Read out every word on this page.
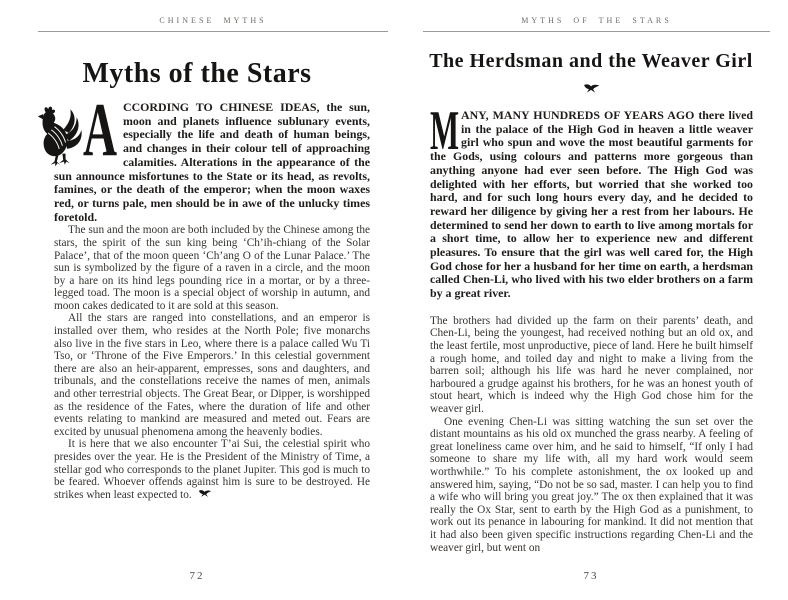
CHINESE MYTHS
Myths of the Stars

A CCORDING TO CHINESE IDEAS, the sun, moon and planets influence sublunary events, especially the life and death of human beings, and changes in their colour tell of approaching calamities. Alterations in the appearance of the sun announce misfortunes to the State or its head, as revolts, famines, or the death of the emperor; when the moon waxes red, or turns pale, men should be in awe of the unlucky times foretold.

The sun and the moon are both included by the Chinese among the stars, the spirit of the sun king being ‘Ch’ih-chiang of the Solar Palace’, that of the moon queen ‘Ch’ang O of the Lunar Palace.’ The sun is symbolized by the figure of a raven in a circle, and the moon by a hare on its hind legs pounding rice in a mortar, or by a three-legged toad. The moon is a special object of worship in autumn, and moon cakes dedicated to it are sold at this season.

All the stars are ranged into constellations, and an emperor is installed over them, who resides at the North Pole; five monarchs also live in the five stars in Leo, where there is a palace called Wu Ti Tso, or ‘Throne of the Five Emperors.’ In this celestial government there are also an heir-apparent, empresses, sons and daughters, and tribunals, and the constellations receive the names of men, animals and other terrestrial objects. The Great Bear, or Dipper, is worshipped as the residence of the Fates, where the duration of life and other events relating to mankind are measured and meted out. Fears are excited by unusual phenomena among the heavenly bodies.

It is here that we also encounter T’ai Sui, the celestial spirit who presides over the year. He is the President of the Ministry of Time, a stellar god who corresponds to the planet Jupiter. This god is much to be feared. Whoever offends against him is sure to be destroyed. He strikes when least expected to.

72
MYTHS OF THE STARS
The Herdsman and the Weaver Girl

M ANY, MANY HUNDREDS OF YEARS AGO there lived in the palace of the High God in heaven a little weaver girl who spun and wove the most beautiful garments for the Gods, using colours and patterns more gorgeous than anything anyone had ever seen before. The High God was delighted with her efforts, but worried that she worked too hard, and for such long hours every day, and he decided to reward her diligence by giving her a rest from her labours. He determined to send her down to earth to live among mortals for a short time, to allow her to experience new and different pleasures. To ensure that the girl was well cared for, the High God chose for her a husband for her time on earth, a herdsman called Chen-Li, who lived with his two elder brothers on a farm by a great river.

The brothers had divided up the farm on their parents’ death, and Chen-Li, being the youngest, had received nothing but an old ox, and the least fertile, most unproductive, piece of land. Here he built himself a rough home, and toiled day and night to make a living from the barren soil; although his life was hard he never complained, nor harboured a grudge against his brothers, for he was an honest youth of stout heart, which is indeed why the High God chose him for the weaver girl.

One evening Chen-Li was sitting watching the sun set over the distant mountains as his old ox munched the grass nearby. A feeling of great loneliness came over him, and he said to himself, “If only I had someone to share my life with, all my hard work would seem worthwhile.” To his complete astonishment, the ox looked up and answered him, saying, “Do not be so sad, master. I can help you to find a wife who will bring you great joy.” The ox then explained that it was really the Ox Star, sent to earth by the High God as a punishment, to work out its penance in labouring for mankind. It did not mention that it had also been given specific instructions regarding Chen-Li and the weaver girl, but went on

73
